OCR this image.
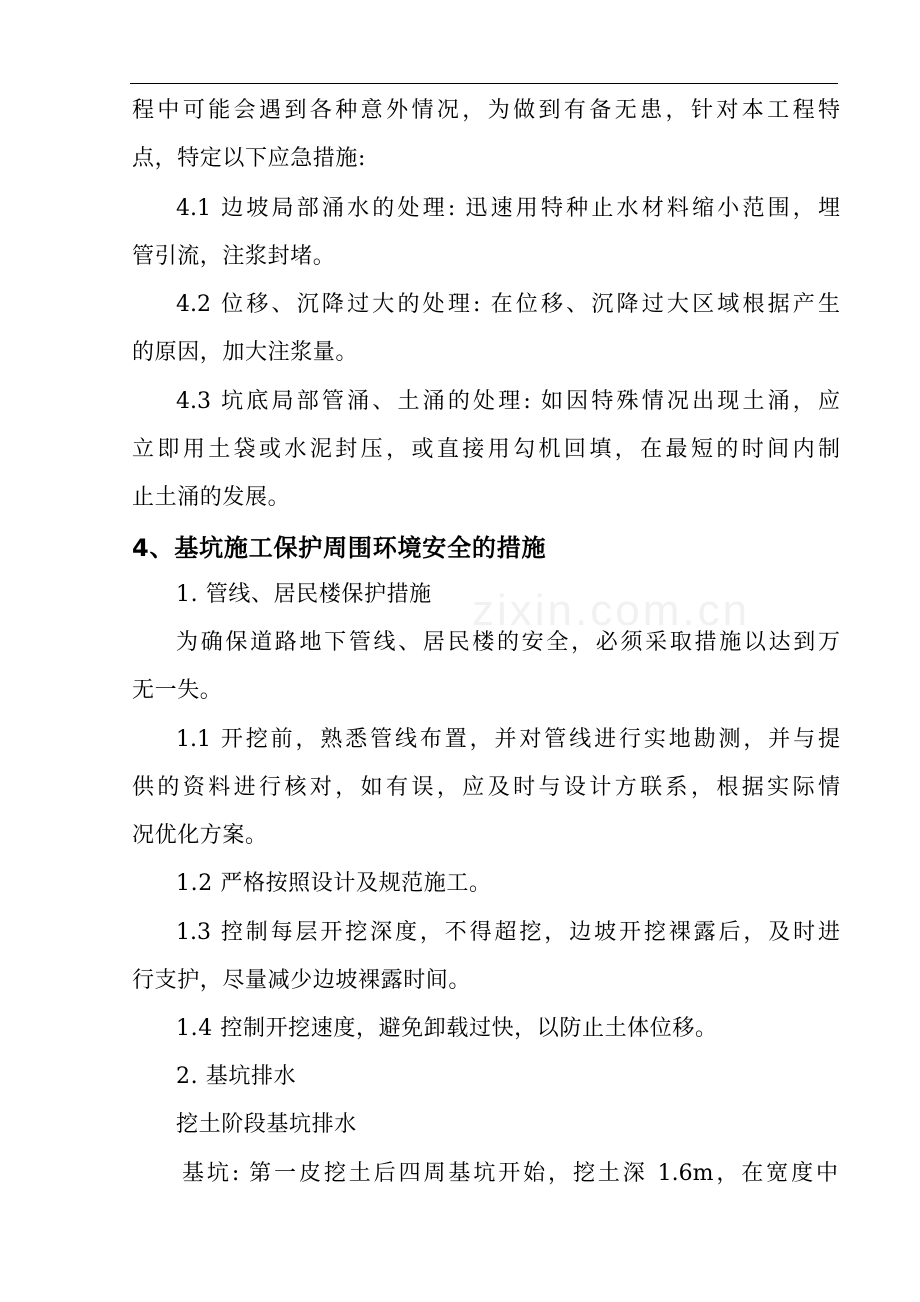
zixin.com.cn
程中可能会遇到各种意外情况，为做到有备无患，针对本工程特
点，特定以下应急措施:
4.1 边坡局部涌水的处理: 迅速用特种止水材料缩小范围，埋
管引流，注浆封堵。
4.2 位移、沉降过大的处理: 在位移、沉降过大区域根据产生
的原因，加大注浆量。
4.3 坑底局部管涌、土涌的处理: 如因特殊情况出现土涌，应
立即用土袋或水泥封压，或直接用勾机回填，在最短的时间内制
止土涌的发展。
4、基坑施工保护周围环境安全的措施
1. 管线、居民楼保护措施
为确保道路地下管线、居民楼的安全，必须采取措施以达到万
无一失。
1.1 开挖前，熟悉管线布置，并对管线进行实地勘测，并与提
供的资料进行核对，如有误，应及时与设计方联系，根据实际情
况优化方案。
1.2 严格按照设计及规范施工。
1.3 控制每层开挖深度，不得超挖，边坡开挖裸露后，及时进
行支护，尽量减少边坡裸露时间。
1.4 控制开挖速度，避免卸载过快，以防止土体位移。
2. 基坑排水
挖土阶段基坑排水
基坑: 第一皮挖土后四周基坑开始，挖土深 1.6m，在宽度中
